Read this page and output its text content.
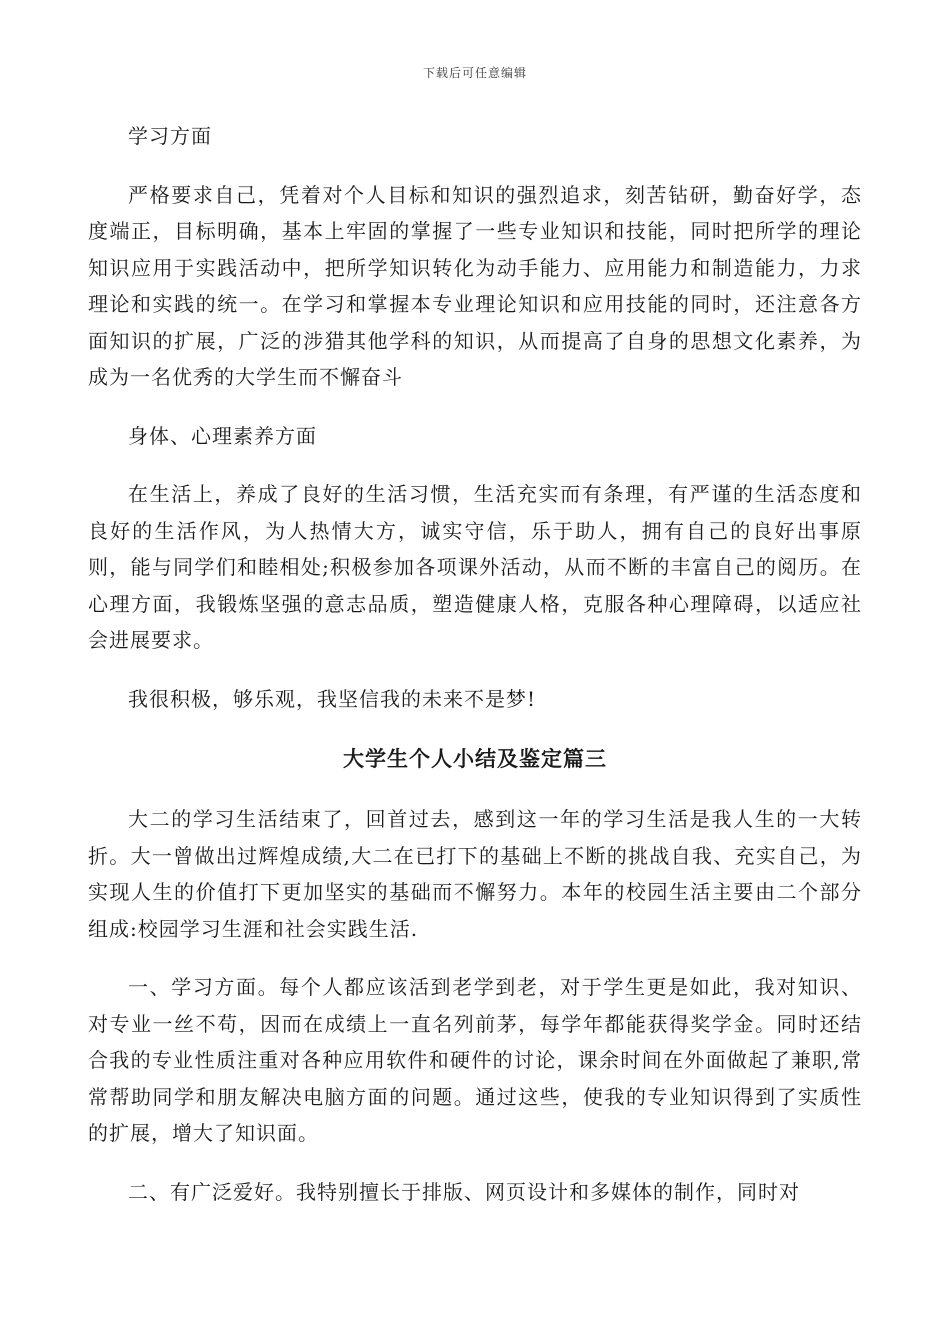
下载后可任意编辑

学习方面

严格要求自己，凭着对个人目标和知识的强烈追求，刻苦钻研，勤奋好学，态度端正，目标明确，基本上牢固的掌握了一些专业知识和技能，同时把所学的理论知识应用于实践活动中，把所学知识转化为动手能力、应用能力和制造能力，力求理论和实践的统一。在学习和掌握本专业理论知识和应用技能的同时，还注意各方面知识的扩展，广泛的涉猎其他学科的知识，从而提高了自身的思想文化素养，为成为一名优秀的大学生而不懈奋斗

身体、心理素养方面

在生活上，养成了良好的生活习惯，生活充实而有条理，有严谨的生活态度和良好的生活作风，为人热情大方，诚实守信，乐于助人，拥有自己的良好出事原则，能与同学们和睦相处;积极参加各项课外活动，从而不断的丰富自己的阅历。在心理方面，我锻炼坚强的意志品质，塑造健康人格，克服各种心理障碍，以适应社会进展要求。

我很积极，够乐观，我坚信我的未来不是梦!

大学生个人小结及鉴定篇三

大二的学习生活结束了，回首过去，感到这一年的学习生活是我人生的一大转折。大一曾做出过辉煌成绩,大二在已打下的基础上不断的挑战自我、充实自己，为实现人生的价值打下更加坚实的基础而不懈努力。本年的校园生活主要由二个部分组成:校园学习生涯和社会实践生活.

一、学习方面。每个人都应该活到老学到老，对于学生更是如此，我对知识、对专业一丝不苟，因而在成绩上一直名列前茅，每学年都能获得奖学金。同时还结合我的专业性质注重对各种应用软件和硬件的讨论，课余时间在外面做起了兼职,常常帮助同学和朋友解决电脑方面的问题。通过这些，使我的专业知识得到了实质性的扩展，增大了知识面。

二、有广泛爱好。我特别擅长于排版、网页设计和多媒体的制作，同时对
